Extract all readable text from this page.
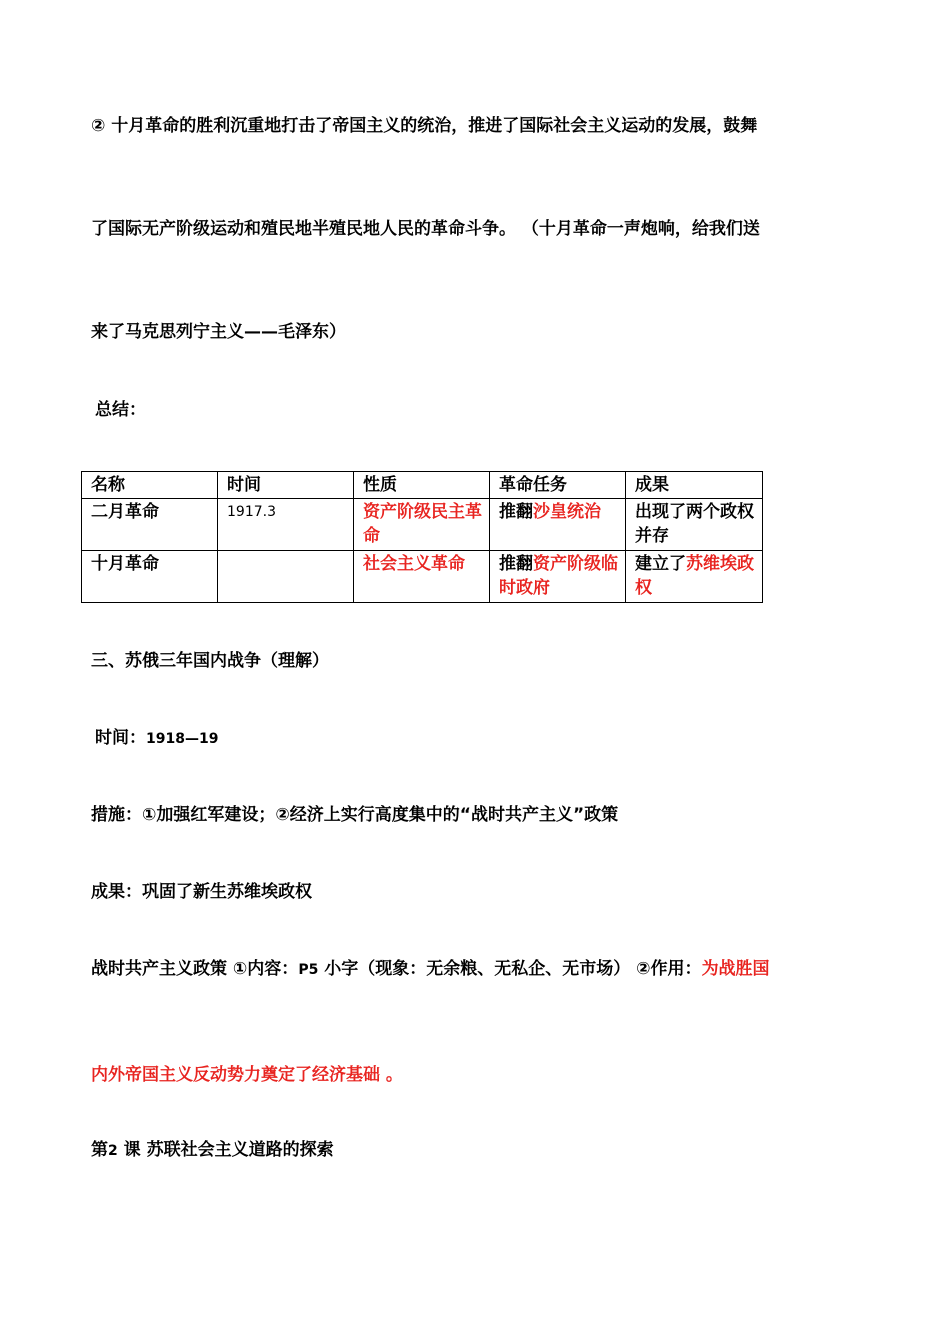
② 十月革命的胜利沉重地打击了帝国主义的统治，推进了国际社会主义运动的发展，鼓舞

了国际无产阶级运动和殖民地半殖民地人民的革命斗争。 （十月革命一声炮响，给我们送

来了马克思列宁主义——毛泽东）

总结：

名称	时间	性质	革命任务	成果
二月革命	1917.3	资产阶级民主革命	推翻沙皇统治	出现了两个政权并存
十月革命		社会主义革命	推翻资产阶级临时政府	建立了苏维埃政权

三、苏俄三年国内战争（理解）

时间：1918—19

措施：①加强红军建设；②经济上实行高度集中的“战时共产主义”政策

成果：巩固了新生苏维埃政权

战时共产主义政策 ①内容：P5 小字（现象：无余粮、无私企、无市场） ②作用：为战胜国

内外帝国主义反动势力奠定了经济基础 。

第2 课 苏联社会主义道路的探索
